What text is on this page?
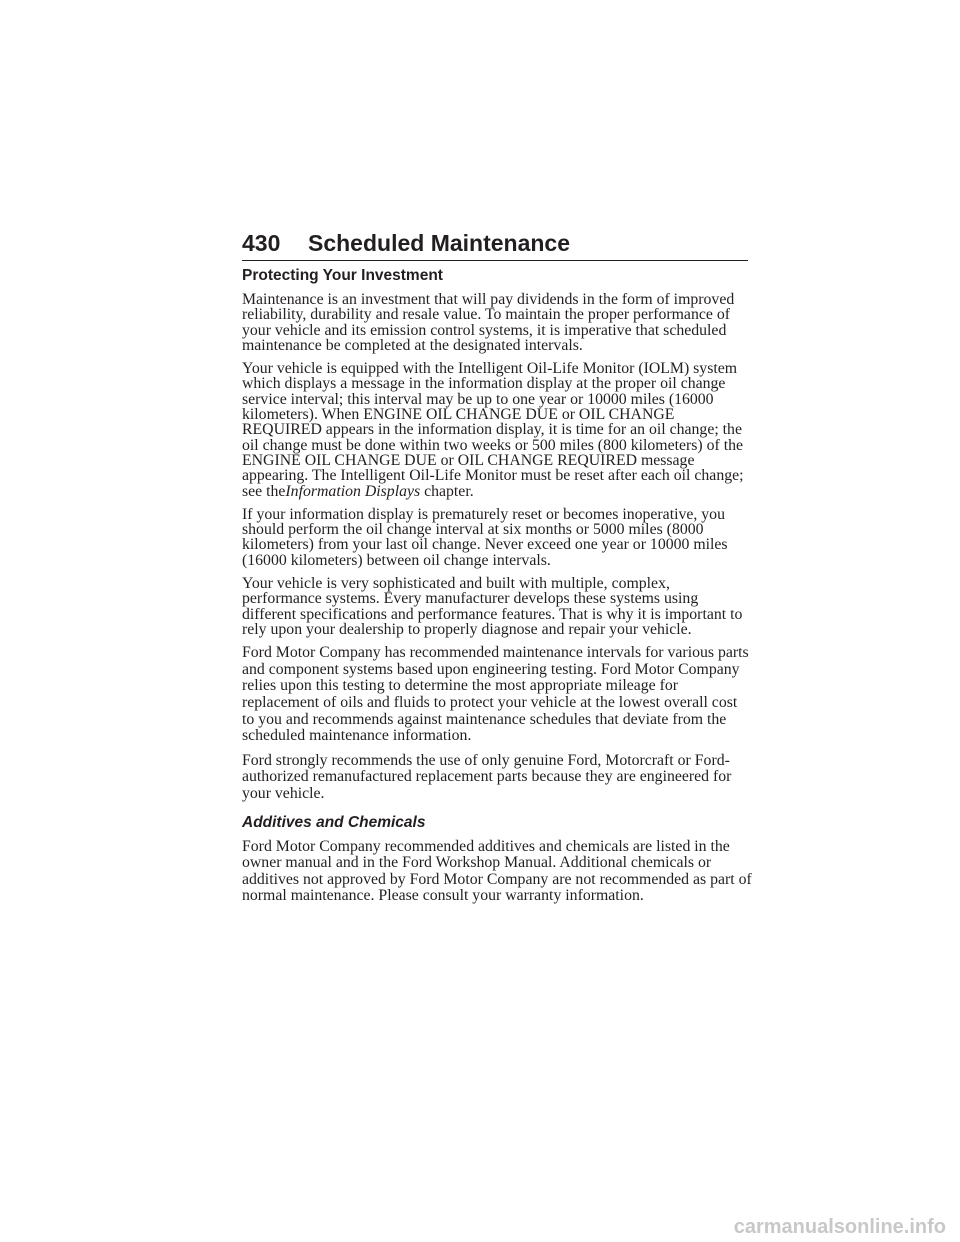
430 Scheduled Maintenance
Protecting Your Investment

Maintenance is an investment that will pay dividends in the form of improved reliability, durability and resale value. To maintain the proper performance of your vehicle and its emission control systems, it is imperative that scheduled maintenance be completed at the designated intervals.

Your vehicle is equipped with the Intelligent Oil-Life Monitor (IOLM) system which displays a message in the information display at the proper oil change service interval; this interval may be up to one year or 10000 miles (16000 kilometers). When ENGINE OIL CHANGE DUE or OIL CHANGE REQUIRED appears in the information display, it is time for an oil change; the oil change must be done within two weeks or 500 miles (800 kilometers) of the ENGINE OIL CHANGE DUE or OIL CHANGE REQUIRED message appearing. The Intelligent Oil-Life Monitor must be reset after each oil change; see theInformation Displays chapter.

If your information display is prematurely reset or becomes inoperative, you should perform the oil change interval at six months or 5000 miles (8000 kilometers) from your last oil change. Never exceed one year or 10000 miles (16000 kilometers) between oil change intervals.

Your vehicle is very sophisticated and built with multiple, complex, performance systems. Every manufacturer develops these systems using different specifications and performance features. That is why it is important to rely upon your dealership to properly diagnose and repair your vehicle.

Ford Motor Company has recommended maintenance intervals for various parts and component systems based upon engineering testing. Ford Motor Company relies upon this testing to determine the most appropriate mileage for replacement of oils and fluids to protect your vehicle at the lowest overall cost to you and recommends against maintenance schedules that deviate from the scheduled maintenance information.

Ford strongly recommends the use of only genuine Ford, Motorcraft or Ford-authorized remanufactured replacement parts because they are engineered for your vehicle.

Additives and Chemicals

Ford Motor Company recommended additives and chemicals are listed in the owner manual and in the Ford Workshop Manual. Additional chemicals or additives not approved by Ford Motor Company are not recommended as part of normal maintenance. Please consult your warranty information.

carmanualsonline.info
